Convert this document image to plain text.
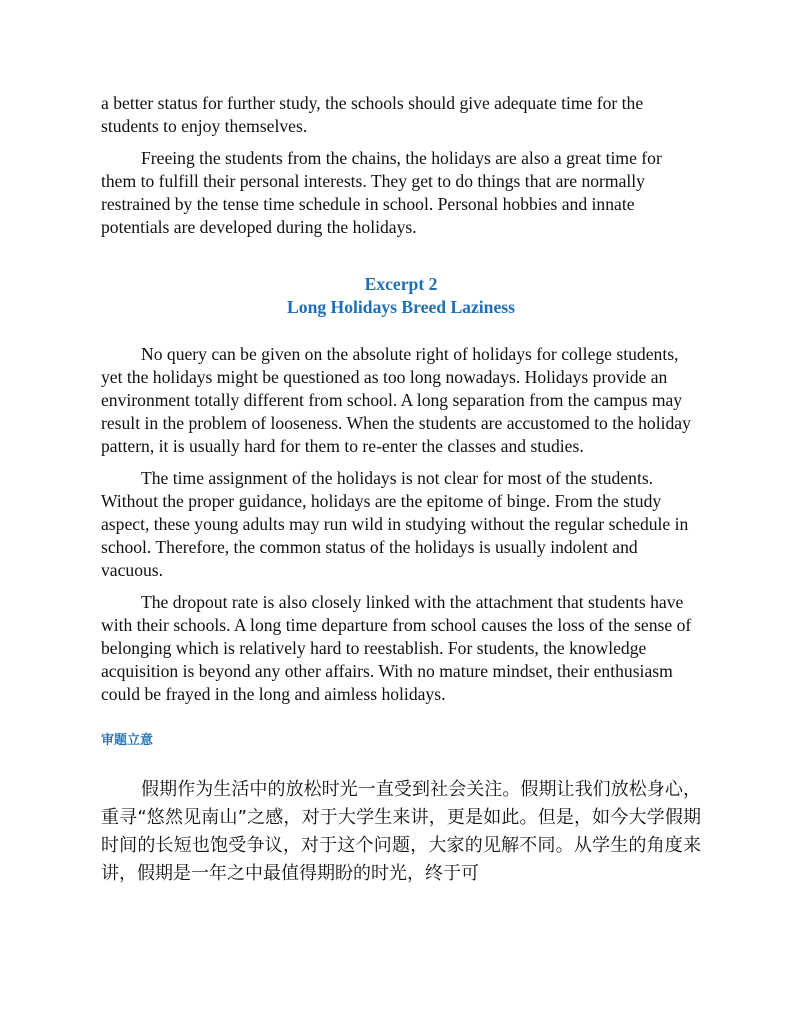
a better status for further study, the schools should give adequate time for the students to enjoy themselves.

Freeing the students from the chains, the holidays are also a great time for them to fulfill their personal interests. They get to do things that are normally restrained by the tense time schedule in school. Personal hobbies and innate potentials are developed during the holidays.

Excerpt 2
Long Holidays Breed Laziness

No query can be given on the absolute right of holidays for college students, yet the holidays might be questioned as too long nowadays. Holidays provide an environment totally different from school. A long separation from the campus may result in the problem of looseness. When the students are accustomed to the holiday pattern, it is usually hard for them to re-enter the classes and studies.

The time assignment of the holidays is not clear for most of the students. Without the proper guidance, holidays are the epitome of binge. From the study aspect, these young adults may run wild in studying without the regular schedule in school. Therefore, the common status of the holidays is usually indolent and vacuous.

The dropout rate is also closely linked with the attachment that students have with their schools. A long time departure from school causes the loss of the sense of belonging which is relatively hard to reestablish. For students, the knowledge acquisition is beyond any other affairs. With no mature mindset, their enthusiasm could be frayed in the long and aimless holidays.

审题立意

假期作为生活中的放松时光一直受到社会关注。假期让我们放松身心，重寻“悠然见南山”之感，对于大学生来讲，更是如此。但是，如今大学假期时间的长短也饱受争议，对于这个问题，大家的见解不同。从学生的角度来讲，假期是一年之中最值得期盼的时光，终于可
